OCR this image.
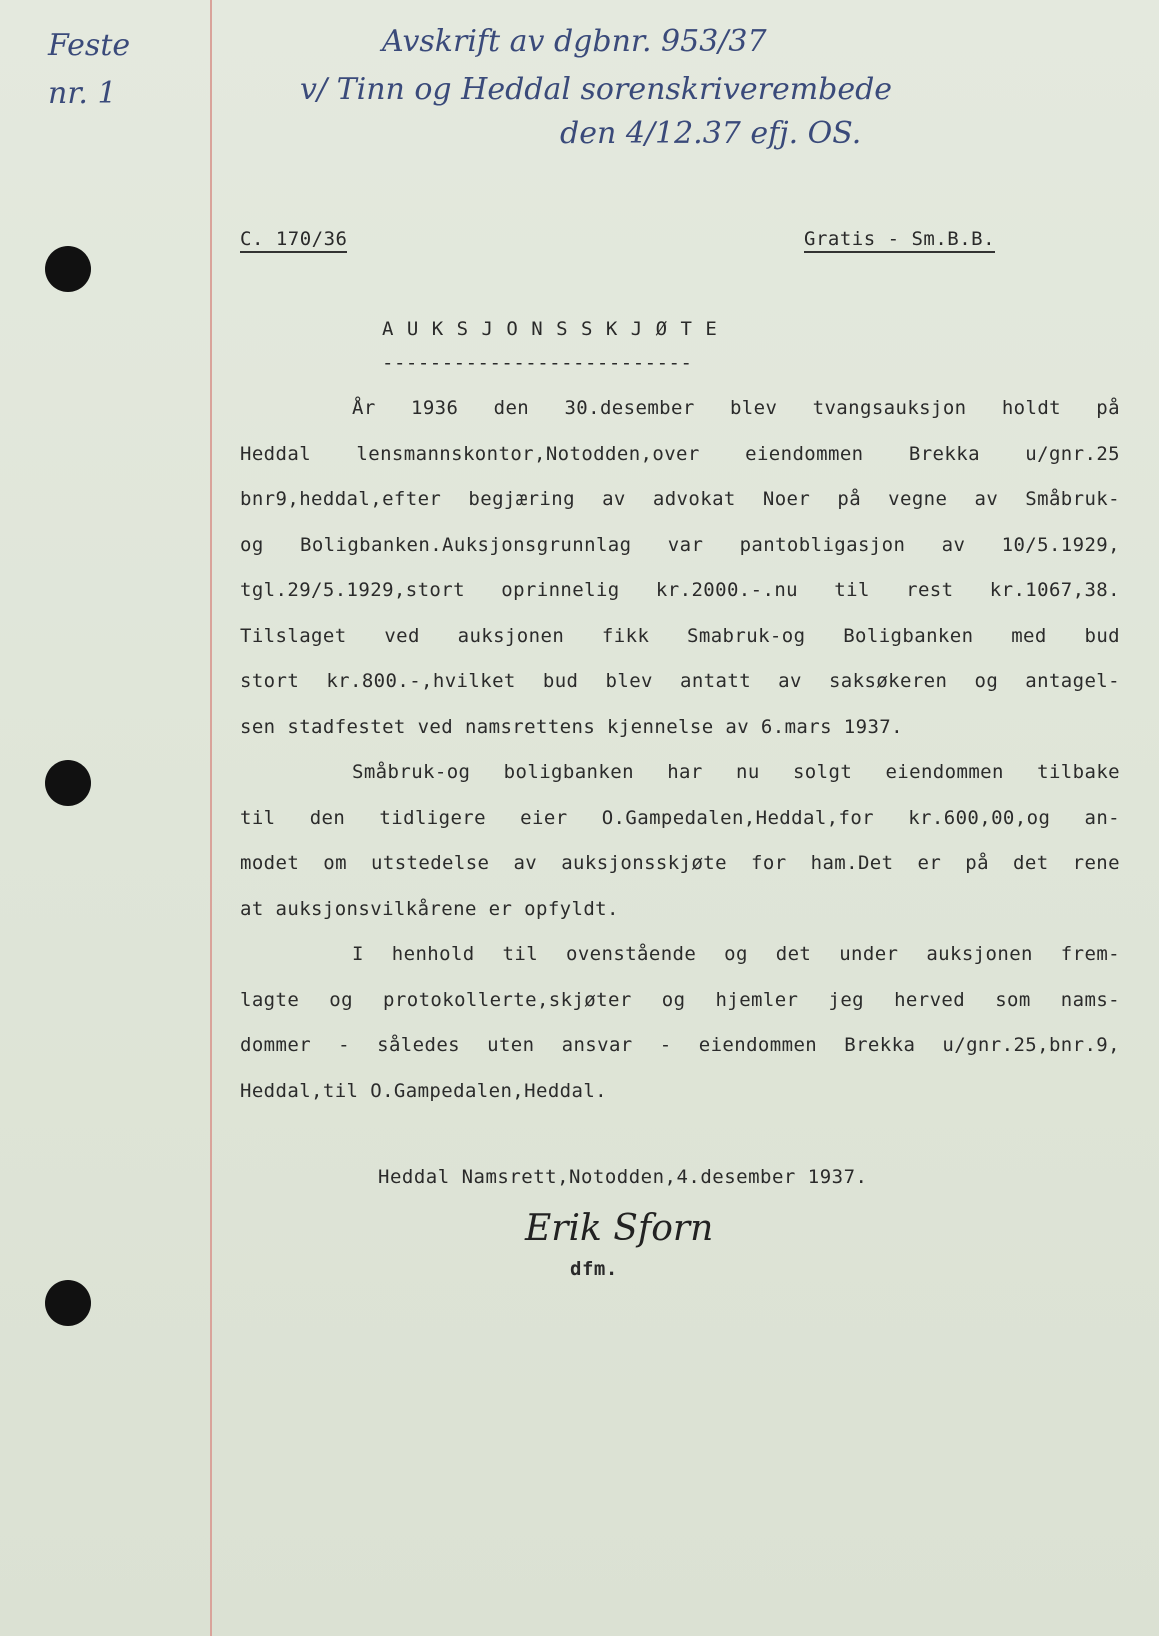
Feste
nr. 1
Avskrift av dgbnr. 953/37
v/ Tinn og Heddal sorenskriverembede
den 4/12.37 efj. OS.
C. 170/36	Gratis - Sm.B.B.
A U K S J O N S S K J Ø T E
--------------------------
År 1936 den 30.desember blev tvangsauksjon holdt på
Heddal lensmannskontor,Notodden,over eiendommen Brekka u/gnr.25
bnr9,heddal,efter begjæring av advokat Noer på vegne av Småbruk-
og Boligbanken.Auksjonsgrunnlag var pantobligasjon av 10/5.1929,
tgl.29/5.1929,stort oprinnelig kr.2000.-.nu til rest kr.1067,38.
Tilslaget ved auksjonen fikk Smabruk-og Boligbanken med bud
stort kr.800.-,hvilket bud blev antatt av saksøkeren og antagel-
sen stadfestet ved namsrettens kjennelse av 6.mars 1937.
Småbruk-og boligbanken har nu solgt eiendommen tilbake
til den tidligere eier O.Gampedalen,Heddal,for kr.600,00,og an-
modet om utstedelse av auksjonsskjøte for ham.Det er på det rene
at auksjonsvilkårene er opfyldt.
I henhold til ovenstående og det under auksjonen frem-
lagte og protokollerte,skjøter og hjemler jeg herved som nams-
dommer - således uten ansvar - eiendommen Brekka u/gnr.25,bnr.9,
Heddal,til O.Gampedalen,Heddal.
Heddal Namsrett,Notodden,4.desember 1937.
Erik Sforn
dfm.
